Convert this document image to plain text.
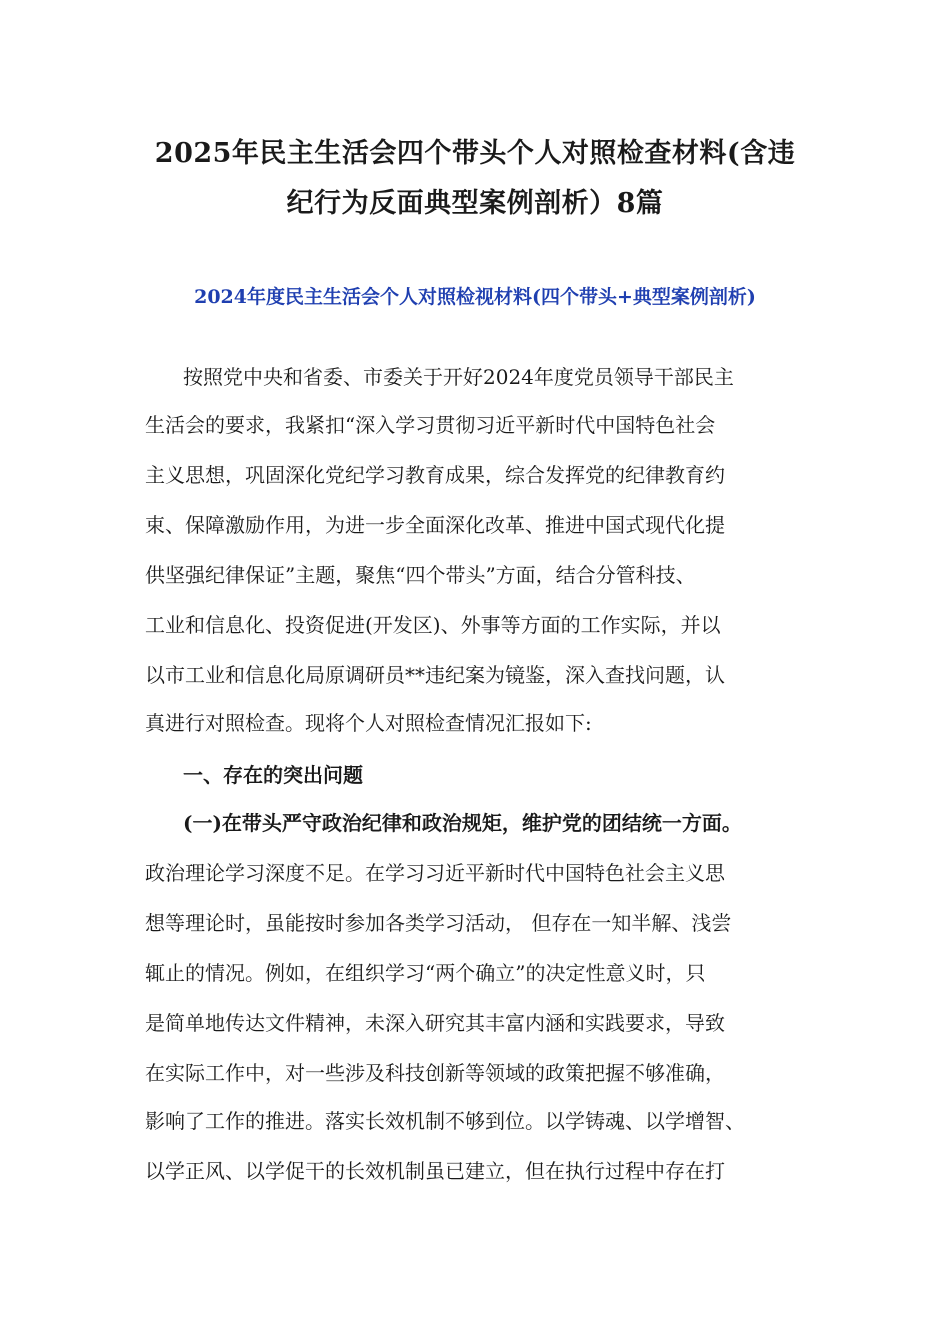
2025年民主生活会四个带头个人对照检查材料(含违
纪行为反面典型案例剖析）8篇
2024年度民主生活会个人对照检视材料(四个带头+典型案例剖析)

按照党中央和省委、市委关于开好2024年度党员领导干部民主

生活会的要求，我紧扣“深入学习贯彻习近平新时代中国特色社会

主义思想，巩固深化党纪学习教育成果，综合发挥党的纪律教育约

束、保障激励作用，为进一步全面深化改革、推进中国式现代化提

供坚强纪律保证”主题，聚焦“四个带头”方面，结合分管科技、

工业和信息化、投资促进(开发区)、外事等方面的工作实际，并以

以市工业和信息化局原调研员**违纪案为镜鉴，深入查找问题，认

真进行对照检查。现将个人对照检查情况汇报如下:

一、存在的突出问题

(一)在带头严守政治纪律和政治规矩，维护党的团结统一方面。

政治理论学习深度不足。在学习习近平新时代中国特色社会主义思

想等理论时，虽能按时参加各类学习活动， 但存在一知半解、浅尝

辄止的情况。例如，在组织学习“两个确立”的决定性意义时，只

是简单地传达文件精神，未深入研究其丰富内涵和实践要求，导致

在实际工作中，对一些涉及科技创新等领域的政策把握不够准确，

影响了工作的推进。落实长效机制不够到位。以学铸魂、以学增智、

以学正风、以学促干的长效机制虽已建立，但在执行过程中存在打
